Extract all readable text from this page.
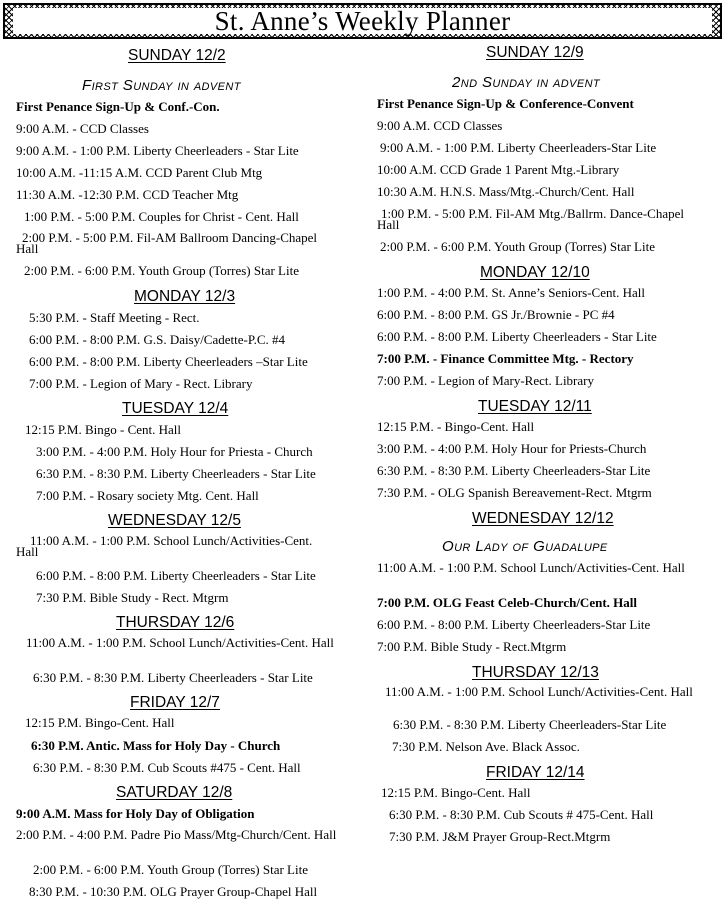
St. Anne’s Weekly Planner
SUNDAY 12/2
First Sunday in advent
First Penance Sign-Up & Conf.-Con.
9:00 A.M. - CCD Classes
9:00 A.M. - 1:00 P.M. Liberty Cheerleaders - Star Lite
10:00 A.M. -11:15 A.M. CCD Parent Club Mtg
11:30 A.M. -12:30 P.M. CCD Teacher Mtg
1:00 P.M. - 5:00 P.M. Couples for Christ - Cent. Hall
2:00 P.M. - 5:00 P.M. Fil-AM Ballroom Dancing-Chapel Hall
2:00 P.M. - 6:00 P.M. Youth Group (Torres) Star Lite
MONDAY 12/3
5:30 P.M. - Staff Meeting - Rect.
6:00 P.M. - 8:00 P.M. G.S. Daisy/Cadette-P.C. #4
6:00 P.M. - 8:00 P.M. Liberty Cheerleaders –Star Lite
7:00 P.M. - Legion of Mary - Rect. Library
TUESDAY 12/4
12:15 P.M. Bingo - Cent. Hall
3:00 P.M. - 4:00 P.M. Holy Hour for Priesta - Church
6:30 P.M. - 8:30 P.M. Liberty Cheerleaders - Star Lite
7:00 P.M. - Rosary society Mtg. Cent. Hall
WEDNESDAY 12/5
11:00 A.M. - 1:00 P.M. School Lunch/Activities-Cent. Hall
6:00 P.M. - 8:00 P.M. Liberty Cheerleaders - Star Lite
7:30 P.M. Bible Study - Rect. Mtgrm
THURSDAY 12/6
11:00 A.M. - 1:00 P.M. School Lunch/Activities-Cent. Hall
6:30 P.M. - 8:30 P.M. Liberty Cheerleaders - Star Lite
FRIDAY 12/7
12:15 P.M. Bingo-Cent. Hall
6:30 P.M. Antic. Mass for Holy Day - Church
6:30 P.M. - 8:30 P.M. Cub Scouts #475 - Cent. Hall
SATURDAY 12/8
9:00 A.M. Mass for Holy Day of Obligation
2:00 P.M. - 4:00 P.M. Padre Pio Mass/Mtg-Church/Cent. Hall
2:00 P.M. - 6:00 P.M. Youth Group (Torres) Star Lite
8:30 P.M. - 10:30 P.M. OLG Prayer Group-Chapel Hall
SUNDAY 12/9
2nd Sunday in advent
First Penance Sign-Up & Conference-Convent
9:00 A.M. CCD Classes
9:00 A.M. - 1:00 P.M. Liberty Cheerleaders-Star Lite
10:00 A.M. CCD Grade 1 Parent Mtg.-Library
10:30 A.M. H.N.S. Mass/Mtg.-Church/Cent. Hall
1:00 P.M. - 5:00 P.M. Fil-AM Mtg./Ballrm. Dance-Chapel Hall
2:00 P.M. - 6:00 P.M. Youth Group (Torres) Star Lite
MONDAY 12/10
1:00 P.M. - 4:00 P.M. St. Anne’s Seniors-Cent. Hall
6:00 P.M. - 8:00 P.M. GS Jr./Brownie - PC #4
6:00 P.M. - 8:00 P.M. Liberty Cheerleaders - Star Lite
7:00 P.M. - Finance Committee Mtg. - Rectory
7:00 P.M. - Legion of Mary-Rect. Library
TUESDAY 12/11
12:15 P.M. - Bingo-Cent. Hall
3:00 P.M. - 4:00 P.M. Holy Hour for Priests-Church
6:30 P.M. - 8:30 P.M. Liberty Cheerleaders-Star Lite
7:30 P.M. - OLG Spanish Bereavement-Rect. Mtgrm
WEDNESDAY 12/12
Our Lady of Guadalupe
11:00 A.M. - 1:00 P.M. School Lunch/Activities-Cent. Hall
7:00 P.M. OLG Feast Celeb-Church/Cent. Hall
6:00 P.M. - 8:00 P.M. Liberty Cheerleaders-Star Lite
7:00 P.M. Bible Study - Rect.Mtgrm
THURSDAY 12/13
11:00 A.M. - 1:00 P.M. School Lunch/Activities-Cent. Hall
6:30 P.M. - 8:30 P.M. Liberty Cheerleaders-Star Lite
7:30 P.M. Nelson Ave. Black Assoc.
FRIDAY 12/14
12:15 P.M. Bingo-Cent. Hall
6:30 P.M. - 8:30 P.M. Cub Scouts # 475-Cent. Hall
7:30 P.M. J&M Prayer Group-Rect.Mtgrm
